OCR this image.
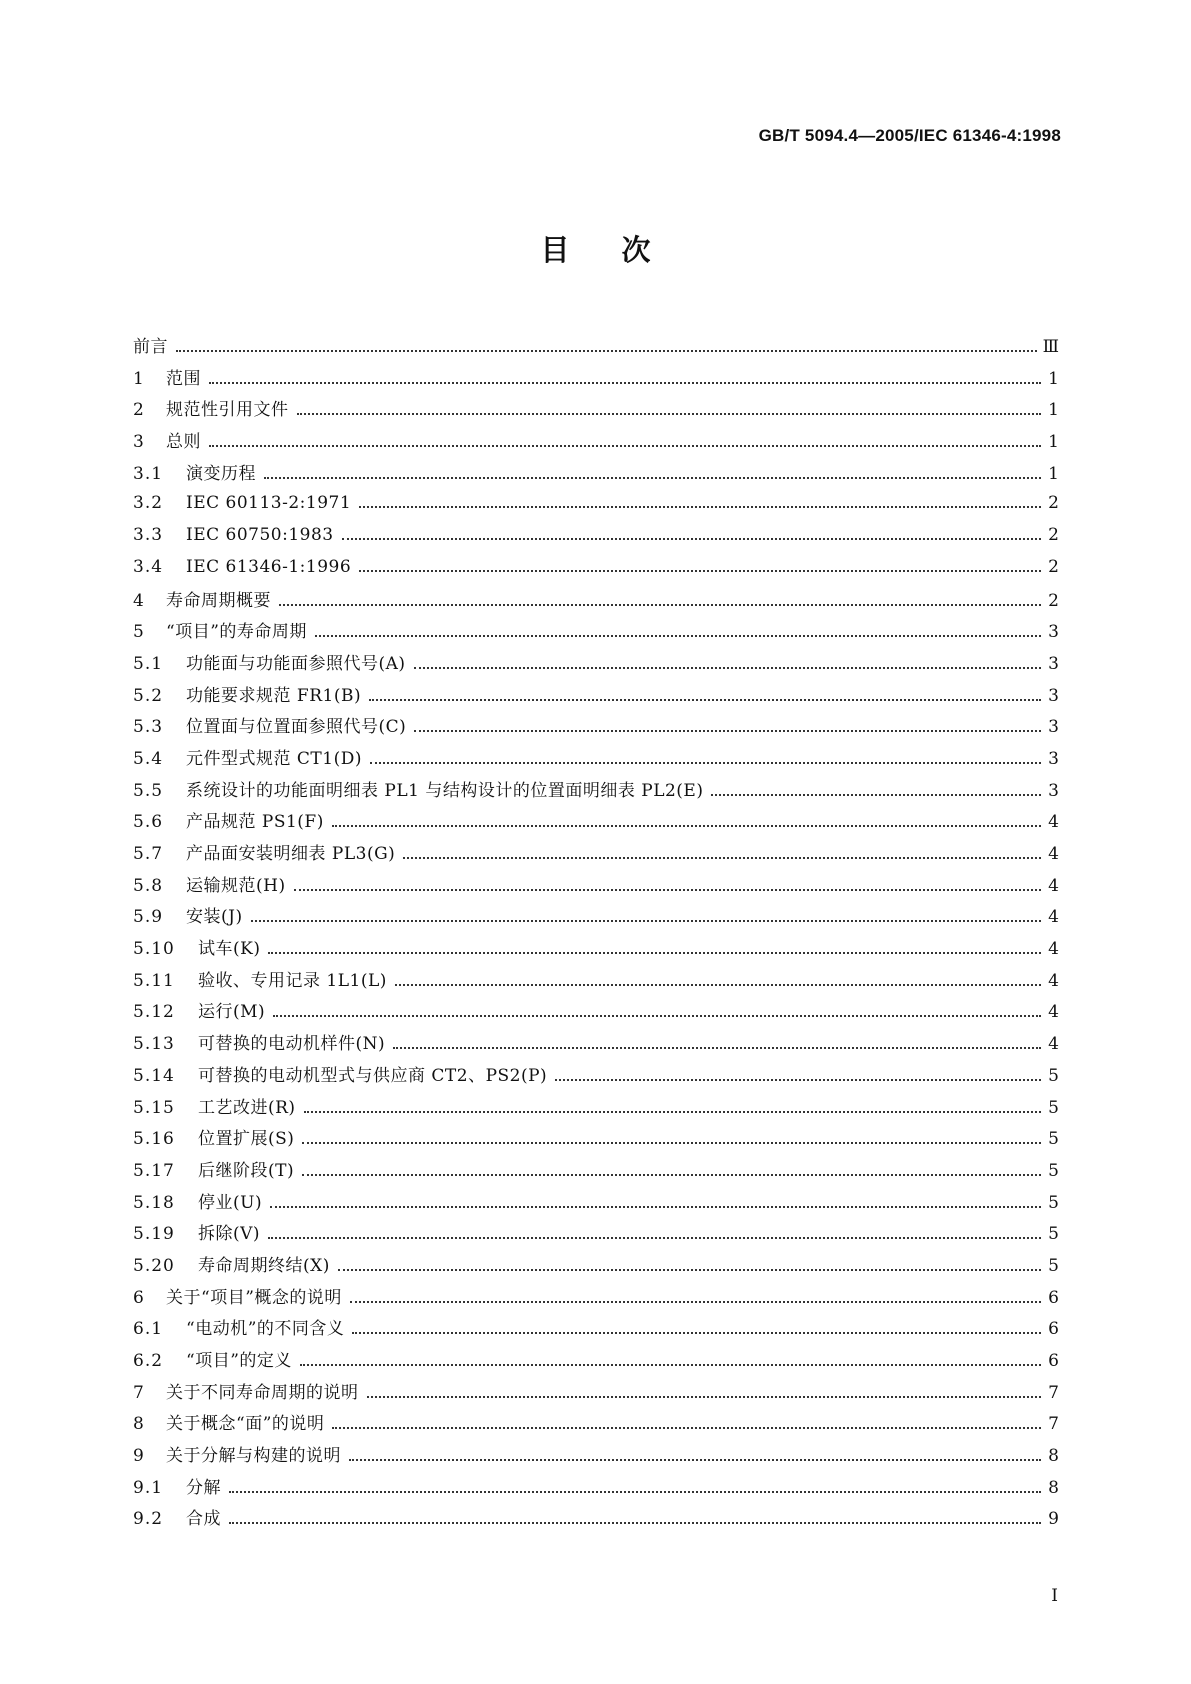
GB/T 5094.4—2005/IEC 61346-4:1998
目次
前言	Ⅲ
1	范围	1
2	规范性引用文件	1
3	总则	1
3.1	演变历程	1
3.2	IEC 60113-2:1971	2
3.3	IEC 60750:1983	2
3.4	IEC 61346-1:1996	2
4	寿命周期概要	2
5	“项目”的寿命周期	3
5.1	功能面与功能面参照代号(A)	3
5.2	功能要求规范 FR1(B)	3
5.3	位置面与位置面参照代号(C)	3
5.4	元件型式规范 CT1(D)	3
5.5	系统设计的功能面明细表 PL1 与结构设计的位置面明细表 PL2(E)	3
5.6	产品规范 PS1(F)	4
5.7	产品面安装明细表 PL3(G)	4
5.8	运输规范(H)	4
5.9	安装(J)	4
5.10	试车(K)	4
5.11	验收、专用记录 1L1(L)	4
5.12	运行(M)	4
5.13	可替换的电动机样件(N)	4
5.14	可替换的电动机型式与供应商 CT2、PS2(P)	5
5.15	工艺改进(R)	5
5.16	位置扩展(S)	5
5.17	后继阶段(T)	5
5.18	停业(U)	5
5.19	拆除(V)	5
5.20	寿命周期终结(X)	5
6	关于“项目”概念的说明	6
6.1	“电动机”的不同含义	6
6.2	“项目”的定义	6
7	关于不同寿命周期的说明	7
8	关于概念“面”的说明	7
9	关于分解与构建的说明	8
9.1	分解	8
9.2	合成	9
I
